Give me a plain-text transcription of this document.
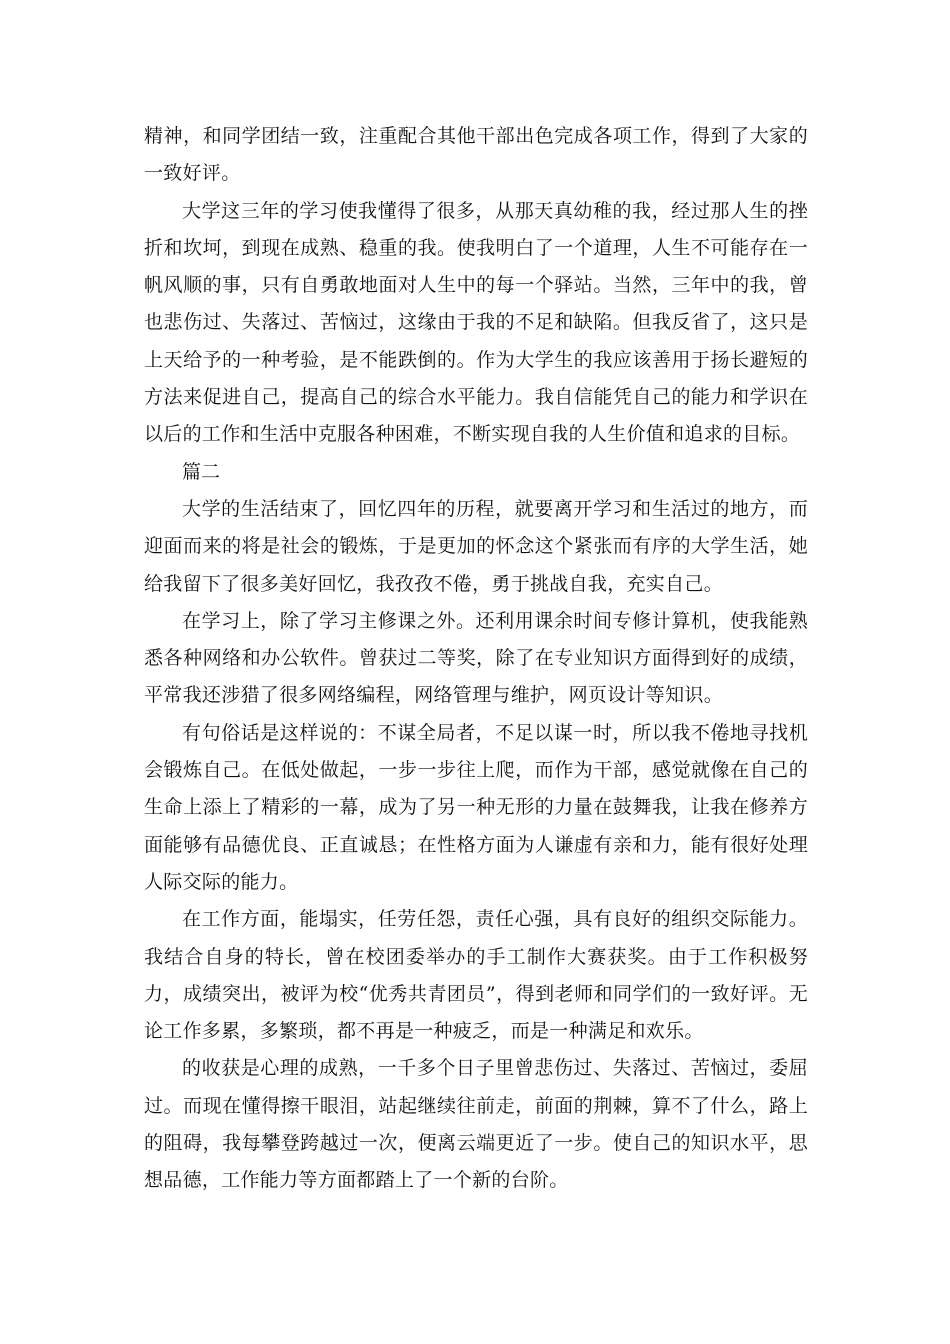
精神，和同学团结一致，注重配合其他干部出色完成各项工作，得到了大家的一致好评。

大学这三年的学习使我懂得了很多，从那天真幼稚的我，经过那人生的挫折和坎坷，到现在成熟、稳重的我。使我明白了一个道理，人生不可能存在一帆风顺的事，只有自勇敢地面对人生中的每一个驿站。当然，三年中的我，曾也悲伤过、失落过、苦恼过，这缘由于我的不足和缺陷。但我反省了，这只是上天给予的一种考验，是不能跌倒的。作为大学生的我应该善用于扬长避短的方法来促进自己，提高自己的综合水平能力。我自信能凭自己的能力和学识在以后的工作和生活中克服各种困难，不断实现自我的人生价值和追求的目标。

篇二

大学的生活结束了，回忆四年的历程，就要离开学习和生活过的地方，而迎面而来的将是社会的锻炼，于是更加的怀念这个紧张而有序的大学生活，她给我留下了很多美好回忆，我孜孜不倦，勇于挑战自我，充实自己。

在学习上，除了学习主修课之外。还利用课余时间专修计算机，使我能熟悉各种网络和办公软件。曾获过二等奖，除了在专业知识方面得到好的成绩，平常我还涉猎了很多网络编程，网络管理与维护，网页设计等知识。

有句俗话是这样说的：不谋全局者，不足以谋一时，所以我不倦地寻找机会锻炼自己。在低处做起，一步一步往上爬，而作为干部，感觉就像在自己的生命上添上了精彩的一幕，成为了另一种无形的力量在鼓舞我，让我在修养方面能够有品德优良、正直诚恳；在性格方面为人谦虚有亲和力，能有很好处理人际交际的能力。

在工作方面，能塌实，任劳任怨，责任心强，具有良好的组织交际能力。我结合自身的特长，曾在校团委举办的手工制作大赛获奖。由于工作积极努力，成绩突出，被评为校“优秀共青团员”，得到老师和同学们的一致好评。无论工作多累，多繁琐，都不再是一种疲乏，而是一种满足和欢乐。

的收获是心理的成熟，一千多个日子里曾悲伤过、失落过、苦恼过，委屈过。而现在懂得擦干眼泪，站起继续往前走，前面的荆棘，算不了什么，路上的阻碍，我每攀登跨越过一次，便离云端更近了一步。使自己的知识水平，思想品德，工作能力等方面都踏上了一个新的台阶。
